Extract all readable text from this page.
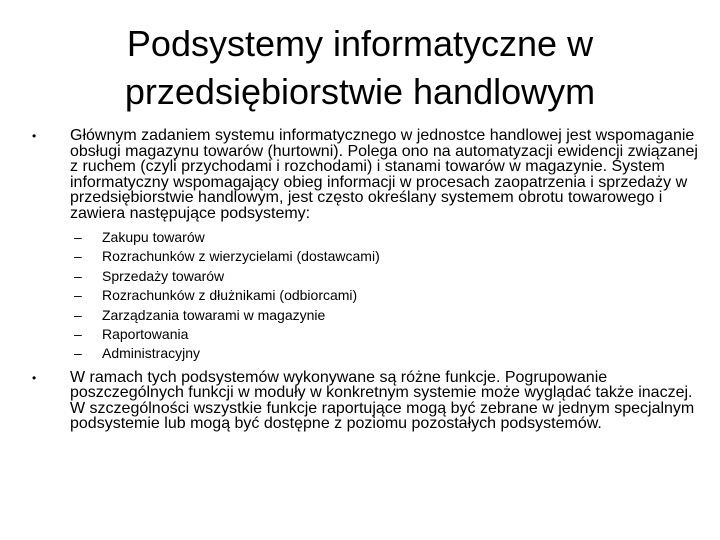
Podsystemy informatyczne w przedsiębiorstwie handlowym
•	Głównym zadaniem systemu informatycznego w jednostce handlowej jest wspomaganie obsługi magazynu towarów (hurtowni). Polega ono na automatyzacji ewidencji związanej z ruchem (czyli przychodami i rozchodami) i stanami towarów w magazynie. System informatyczny wspomagający obieg informacji w procesach zaopatrzenia i sprzedaży w przedsiębiorstwie handlowym, jest często określany systemem obrotu towarowego i zawiera następujące podsystemy:
–	Zakupu towarów
–	Rozrachunków z wierzycielami (dostawcami)
–	Sprzedaży towarów
–	Rozrachunków z dłużnikami (odbiorcami)
–	Zarządzania towarami w magazynie
–	Raportowania
–	Administracyjny
•	W ramach tych podsystemów wykonywane są różne funkcje. Pogrupowanie poszczególnych funkcji w moduły w konkretnym systemie może wyglądać także inaczej. W szczególności wszystkie funkcje raportujące mogą być zebrane w jednym specjalnym podsystemie lub mogą być dostępne z poziomu pozostałych podsystemów.
